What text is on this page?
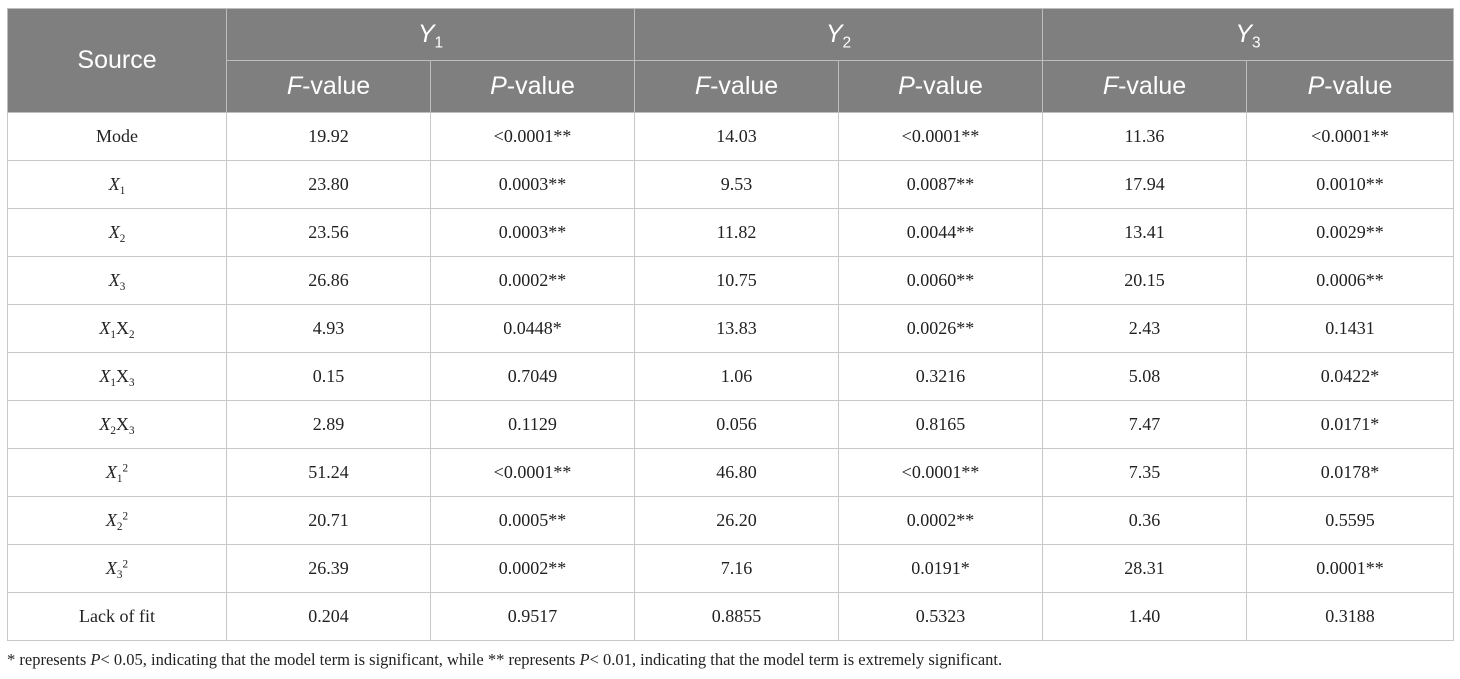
Source	$Y_1$		$Y_2$		$Y_3$
	F-value	P-value	F-value	P-value	F-value	P-value
Mode	19.92	<0.0001**	14.03	<0.0001**	11.36	<0.0001**
$X_1$	23.80	0.0003**	9.53	0.0087**	17.94	0.0010**
$X_2$	23.56	0.0003**	11.82	0.0044**	13.41	0.0029**
$X_3$	26.86	0.0002**	10.75	0.0060**	20.15	0.0006**
$X_1X_2$	4.93	0.0448*	13.83	0.0026**	2.43	0.1431
$X_1X_3$	0.15	0.7049	1.06	0.3216	5.08	0.0422*
$X_2X_3$	2.89	0.1129	0.056	0.8165	7.47	0.0171*
$X_1^2$	51.24	<0.0001**	46.80	<0.0001**	7.35	0.0178*
$X_2^2$	20.71	0.0005**	26.20	0.0002**	0.36	0.5595
$X_3^2$	26.39	0.0002**	7.16	0.0191*	28.31	0.0001**
Lack of fit	0.204	0.9517	0.8855	0.5323	1.40	0.3188
* represents P< 0.05, indicating that the model term is significant, while ** represents P< 0.01, indicating that the model term is extremely significant.
